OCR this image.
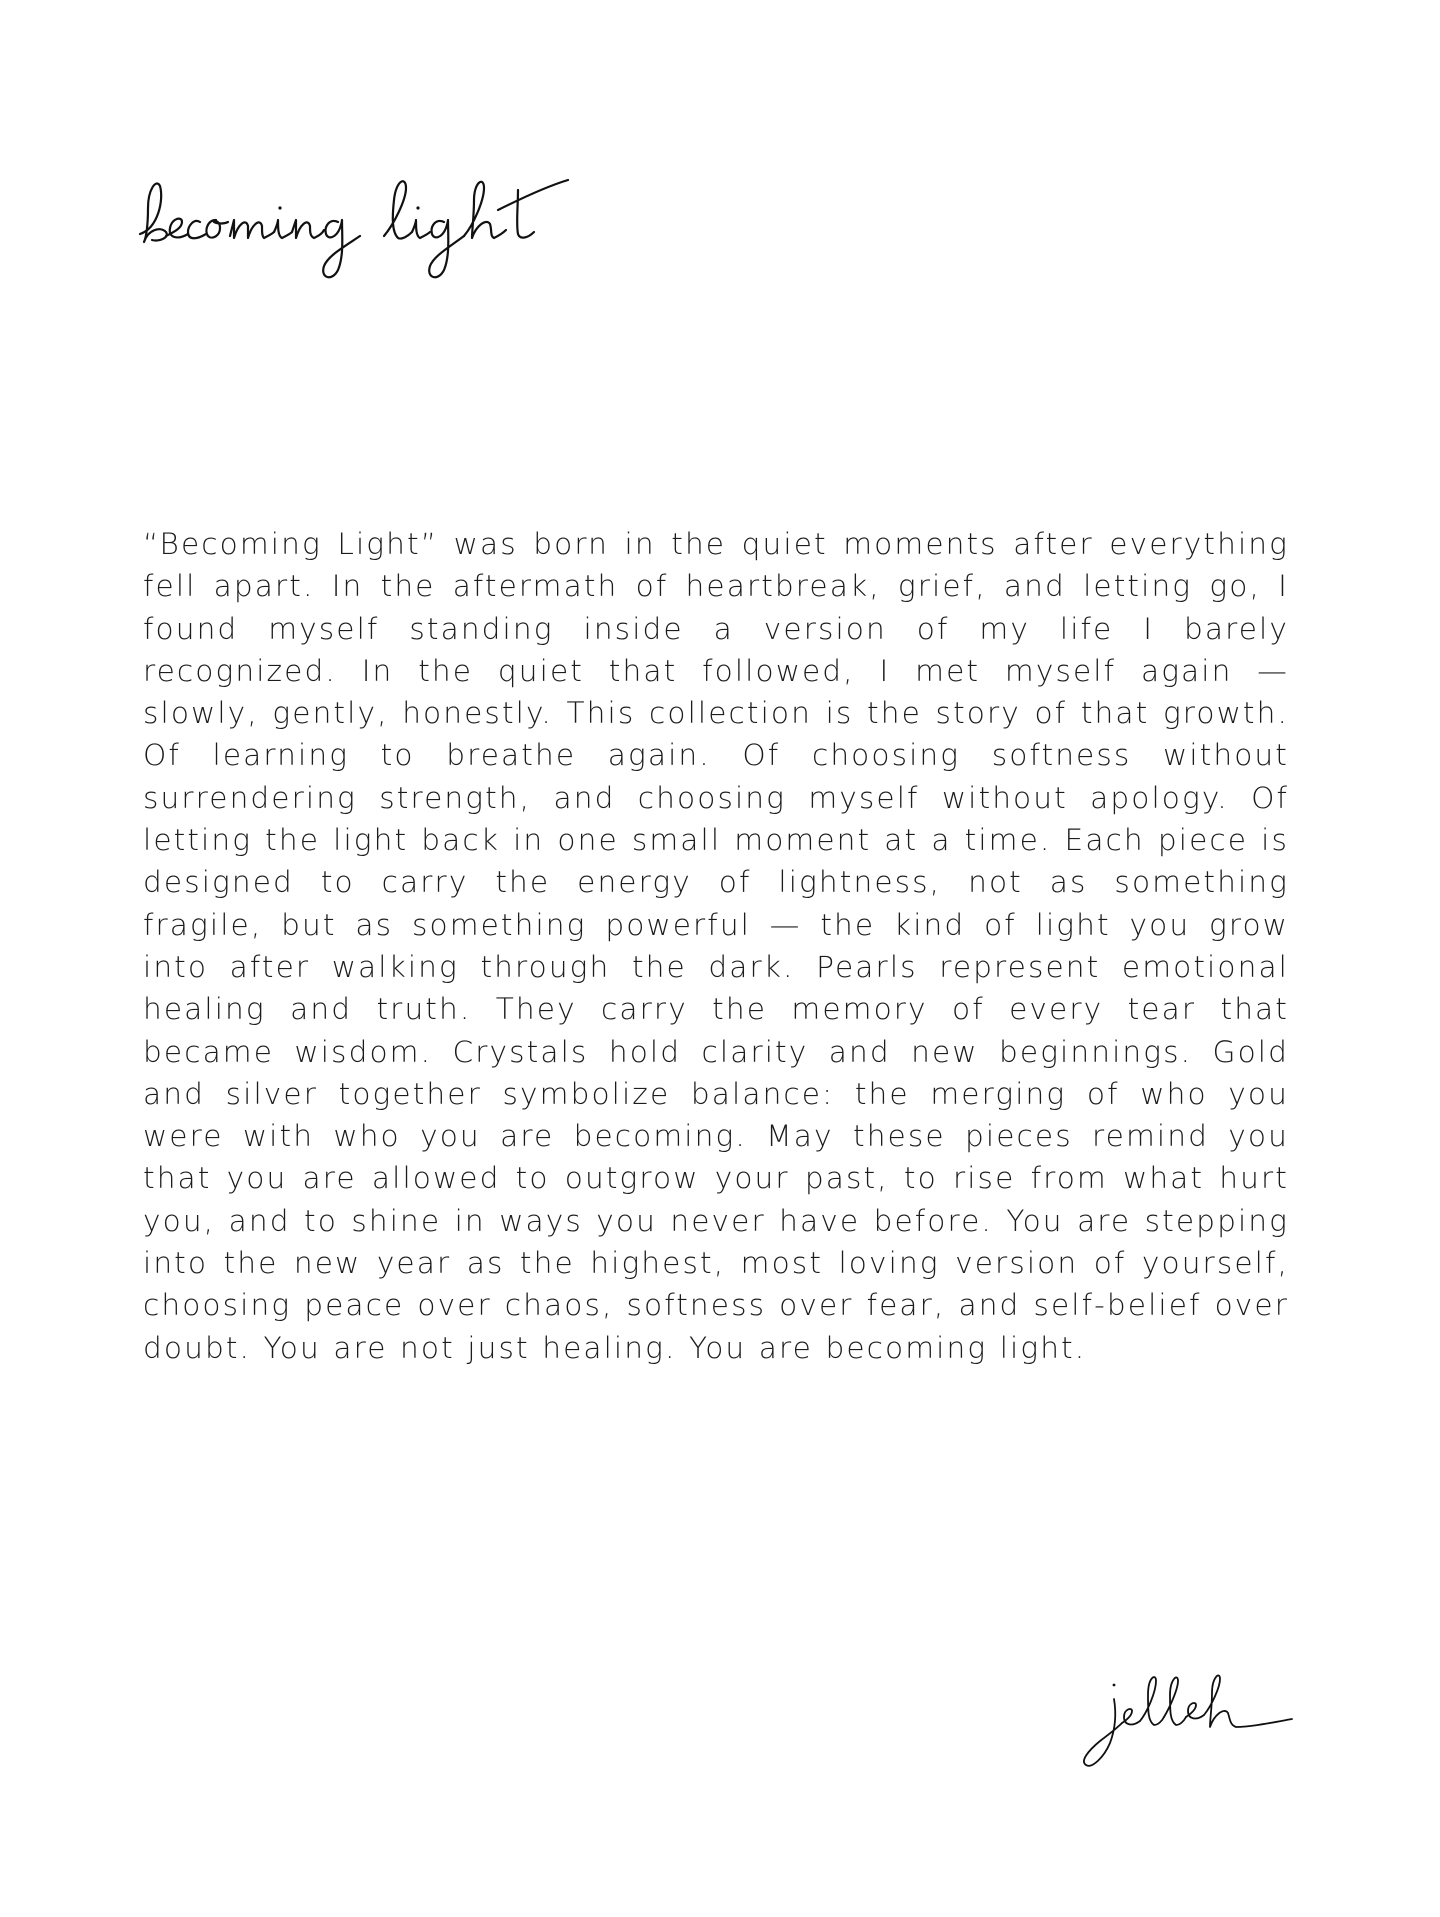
“Becoming Light” was born in the quiet moments after everything fell apart. In the aftermath of heartbreak, grief, and letting go, I found myself standing inside a version of my life I barely recognized. In the quiet that followed, I met myself again — slowly, gently, honestly. This collection is the story of that growth. Of learning to breathe again. Of choosing softness without surrendering strength, and choosing myself without apology. Of letting the light back in one small moment at a time. Each piece is designed to carry the energy of lightness, not as something fragile, but as something powerful — the kind of light you grow into after walking through the dark. Pearls represent emotional healing and truth. They carry the memory of every tear that became wisdom. Crystals hold clarity and new beginnings. Gold and silver together symbolize balance: the merging of who you were with who you are becoming. May these pieces remind you that you are allowed to outgrow your past, to rise from what hurt you, and to shine in ways you never have before. You are stepping into the new year as the highest, most loving version of yourself, choosing peace over chaos, softness over fear, and self-belief over doubt. You are not just healing. You are becoming light.
